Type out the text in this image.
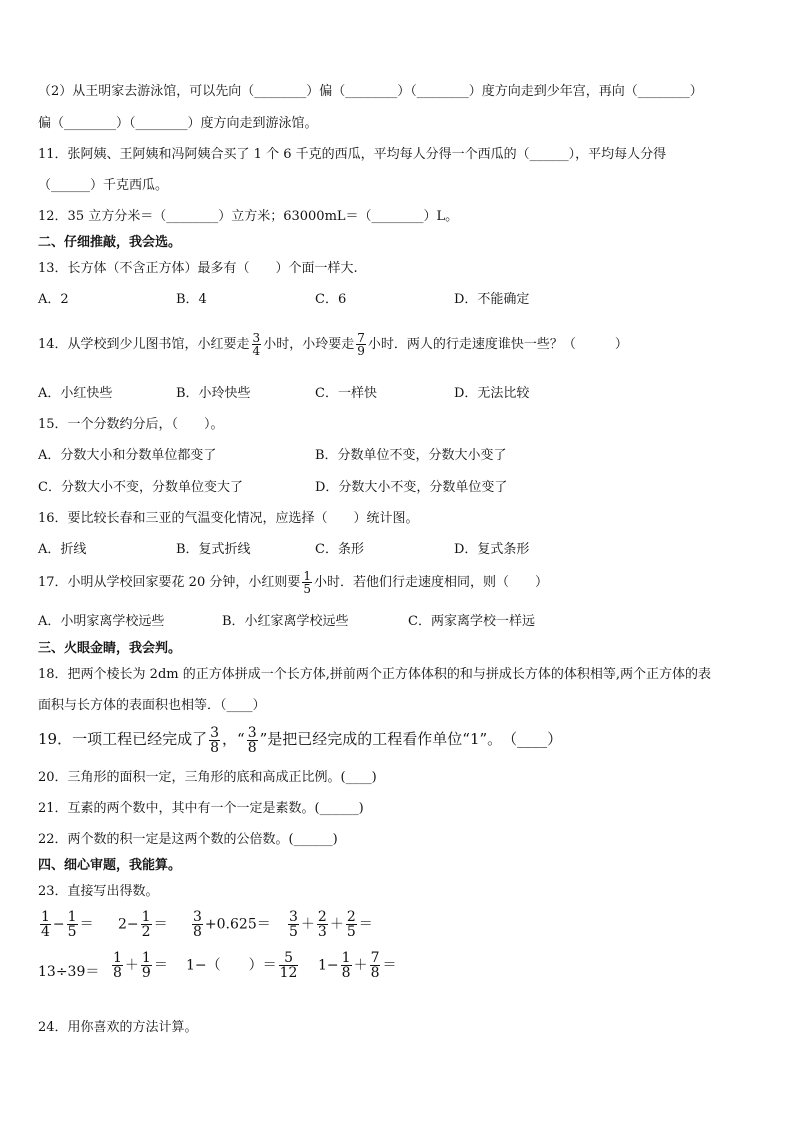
（2）从王明家去游泳馆，可以先向（________）偏（________）（________）度方向走到少年宫，再向（________）
偏（________）（________）度方向走到游泳馆。
11．张阿姨、王阿姨和冯阿姨合买了 1 个 6 千克的西瓜，平均每人分得一个西瓜的（______），平均每人分得
（______）千克西瓜。
12．35 立方分米＝（________）立方米；63000mL＝（________）L。
二、仔细推敲，我会选。
13．长方体（不含正方体）最多有（　　）个面一样大.
A．2	B．4	C．6	D．不能确定
14．从学校到少儿图书馆，小红要走 $\frac{3}{4}$ 小时，小玲要走 $\frac{7}{9}$ 小时．两人的行走速度谁快一些？（　　　）
A．小红快些	B．小玲快些	C．一样快	D．无法比较
15．一个分数约分后，（　　）。
A．分数大小和分数单位都变了	B．分数单位不变，分数大小变了
C．分数大小不变，分数单位变大了	D．分数大小不变，分数单位变了
16．要比较长春和三亚的气温变化情况，应选择（　　）统计图。
A．折线	B．复式折线	C．条形	D．复式条形
17．小明从学校回家要花 20 分钟，小红则要 $\frac{1}{5}$ 小时．若他们行走速度相同，则（　　）
A．小明家离学校远些	B．小红家离学校远些	C．两家离学校一样远
三、火眼金睛，我会判。
18．把两个棱长为 2dm 的正方体拼成一个长方体,拼前两个正方体体积的和与拼成长方体的体积相等,两个正方体的表
面积与长方体的表面积也相等．（____）
19．一项工程已经完成了 $\frac{3}{8}$ ，“ $\frac{3}{8}$ ”是把已经完成的工程看作单位“1”。　（____）
20．三角形的面积一定，三角形的底和高成正比例。(____)
21．互素的两个数中，其中有一个一定是素数。(______)
22．两个数的积一定是这两个数的公倍数。(______)
四、细心审题，我能算。
23．直接写出得数。
$\frac{1}{4} - \frac{1}{5} = 2- \frac{1}{2} = \frac{3}{8} +0.625= \frac{3}{5} + \frac{2}{3} + \frac{2}{5}$ ＝
$13\div 39= \frac{1}{8} + \frac{1}{9} = 1-$（　　）＝ $\frac{5}{12} 1- \frac{1}{8} + \frac{7}{8}$ ＝
24．用你喜欢的方法计算。
